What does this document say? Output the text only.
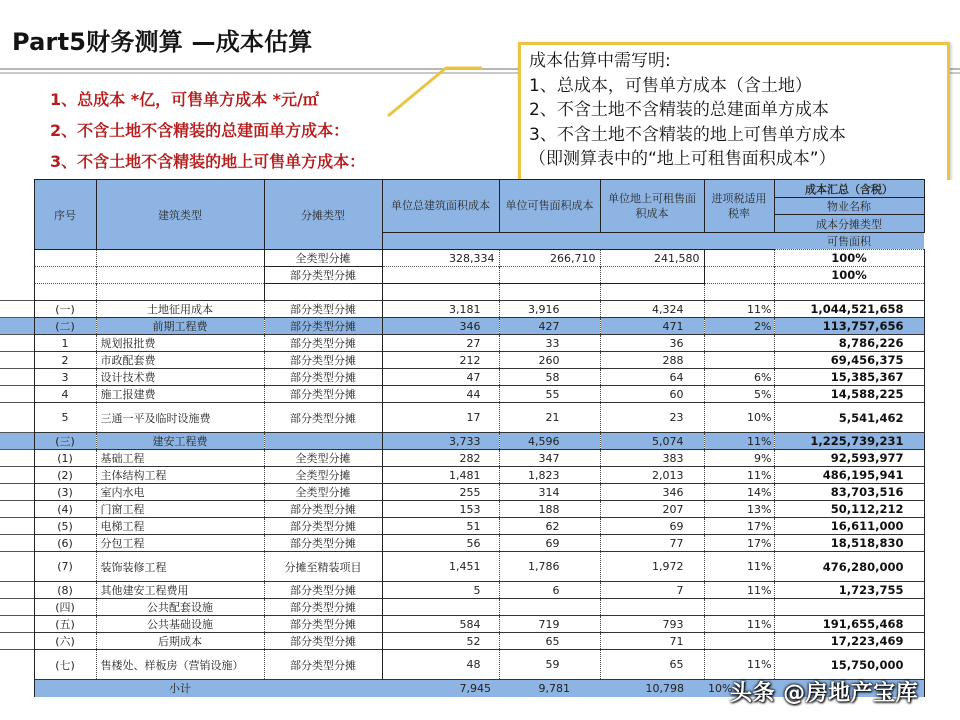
Part5财务测算 —成本估算
1、总成本 *亿，可售单方成本 *元/㎡
2、不含土地不含精装的总建面单方成本：
3、不含土地不含精装的地上可售单方成本：
成本估算中需写明:
1、总成本，可售单方成本（含土地）
2、不含土地不含精装的总建面单方成本
3、不含土地不含精装的地上可售单方成本
（即测算表中的“地上可租售面积成本”）
	序号	建筑类型	分摊类型	单位总建筑面积成本	单位可售面积成本	单位地上可租售面积成本	进项税适用税率	成本汇总（含税）	
								物业名称	
								成本分摊类型	
								可售面积	
			全类型分摊	328,334	266,710	241,580		100%	
			部分类型分摊					100%	

	(一)	土地征用成本	部分类型分摊	3,181	3,916	4,324	11%	1,044,521,658	
	(二)	前期工程费	部分类型分摊	346	427	471	2%	113,757,656	
	1	规划报批费	部分类型分摊	27	33	36		8,786,226	
	2	市政配套费	部分类型分摊	212	260	288		69,456,375	
	3	设计技术费	部分类型分摊	47	58	64	6%	15,385,367	
	4	施工报建费	部分类型分摊	44	55	60	5%	14,588,225	
	5	三通一平及临时设施费	部分类型分摊	17	21	23	10%	5,541,462	
	(三)	建安工程费		3,733	4,596	5,074	11%	1,225,739,231	
	(1)	基础工程	全类型分摊	282	347	383	9%	92,593,977	
	(2)	主体结构工程	全类型分摊	1,481	1,823	2,013	11%	486,195,941	
	(3)	室内水电	全类型分摊	255	314	346	14%	83,703,516	
	(4)	门窗工程	部分类型分摊	153	188	207	13%	50,112,212	
	(5)	电梯工程	部分类型分摊	51	62	69	17%	16,611,000	
	(6)	分包工程	部分类型分摊	56	69	77	17%	18,518,830	
	(7)	装饰装修工程	分摊至精装项目	1,451	1,786	1,972	11%	476,280,000	
	(8)	其他建安工程费用	部分类型分摊	5	6	7	11%	1,723,755	
	(四)	公共配套设施	部分类型分摊						
	(五)	公共基础设施	部分类型分摊	584	719	793	11%	191,655,468	
	(六)	后期成本	部分类型分摊	52	65	71		17,223,469	
	(七)	售楼处、样板房（营销设施）	部分类型分摊	48	59	65	11%	15,750,000	
		小计		7,945	9,781	10,798	10%		
头条 @房地产宝库
